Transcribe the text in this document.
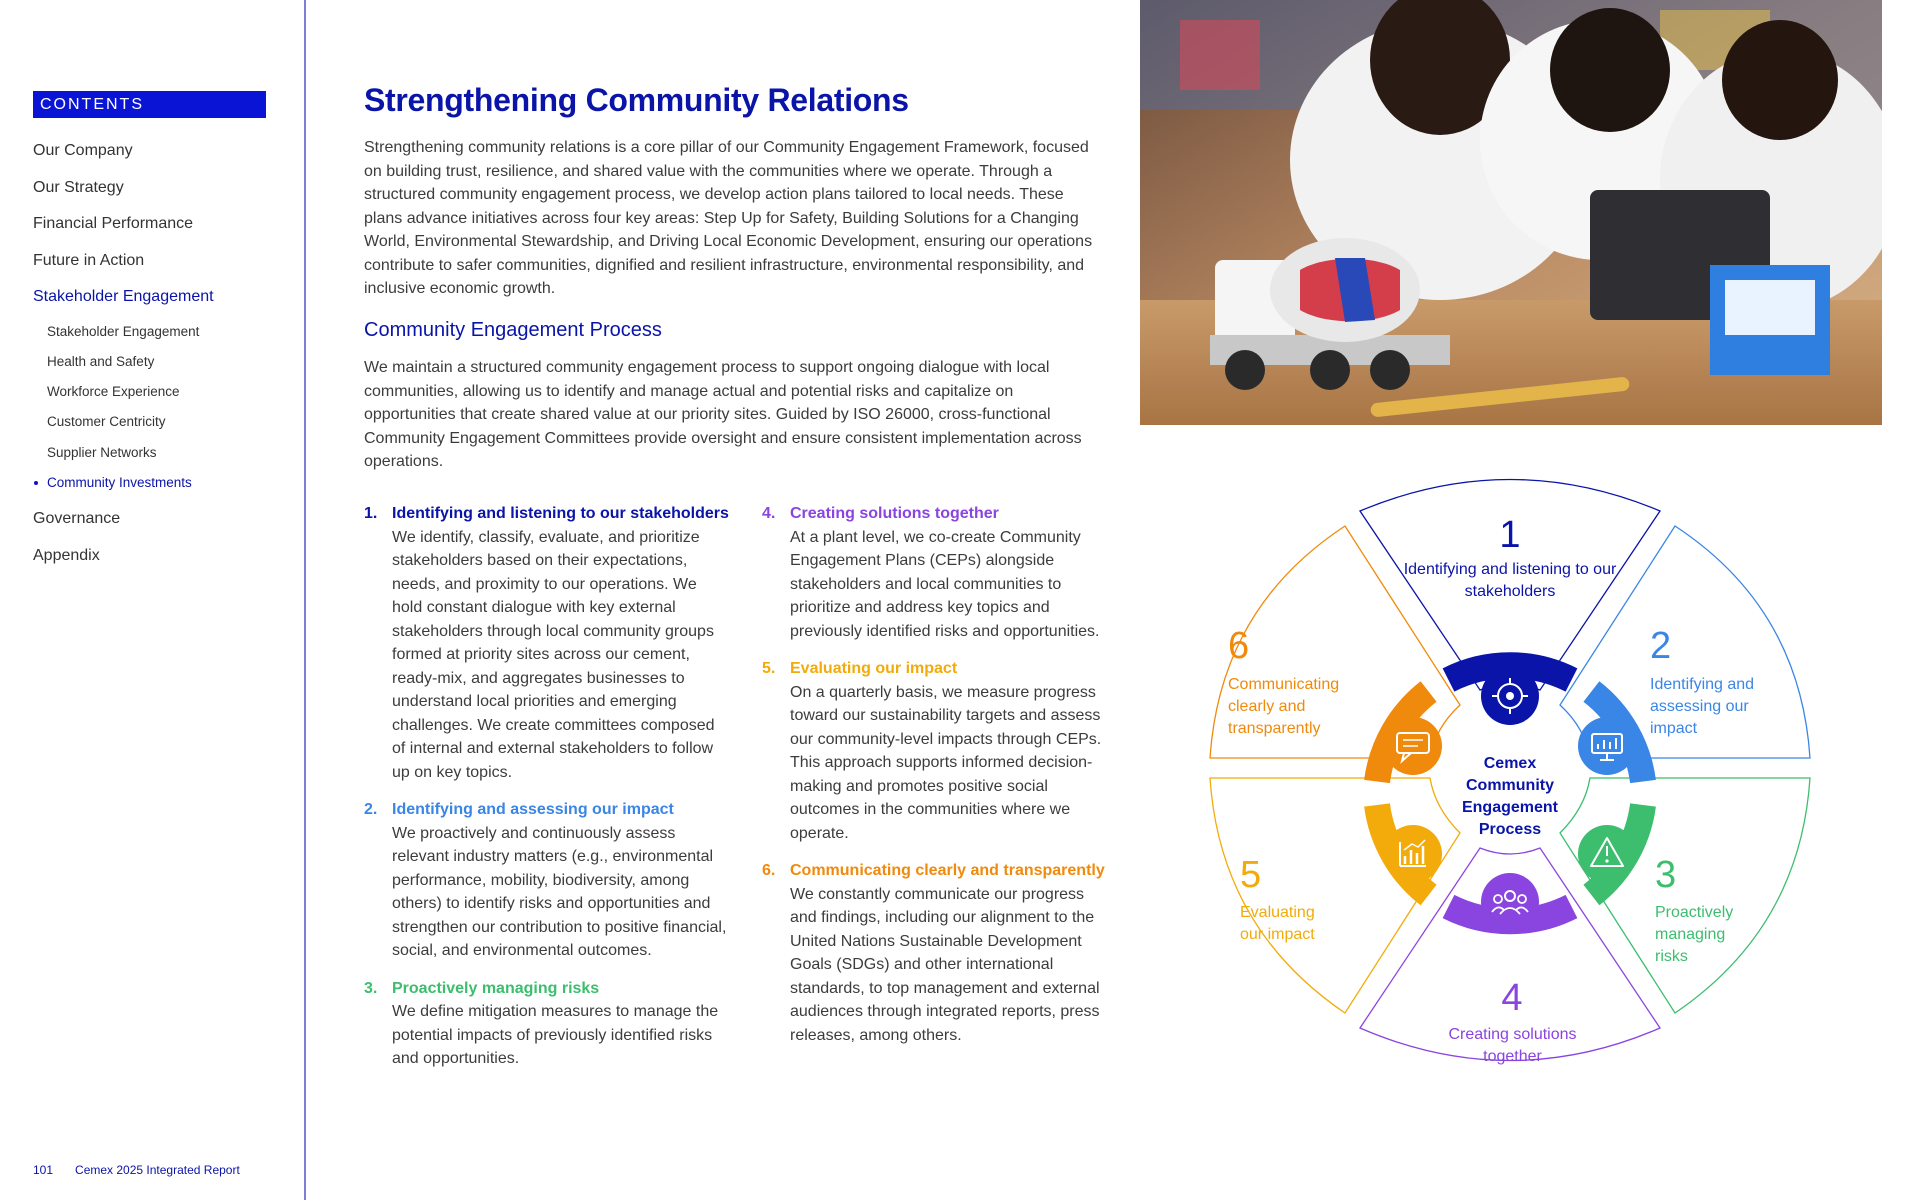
CONTENTS
Our Company
Our Strategy
Financial Performance
Future in Action
Stakeholder Engagement
Stakeholder Engagement
Health and Safety
Workforce Experience
Customer Centricity
Supplier Networks
Community Investments
Governance
Appendix
101 Cemex 2025 Integrated Report
Strengthening Community Relations

Strengthening community relations is a core pillar of our Community Engagement Framework, focused on building trust, resilience, and shared value with the communities where we operate. Through a structured community engagement process, we develop action plans tailored to local needs. These plans advance initiatives across four key areas: Step Up for Safety, Building Solutions for a Changing World, Environmental Stewardship, and Driving Local Economic Development, ensuring our operations contribute to safer communities, dignified and resilient infrastructure, environmental responsibility, and inclusive economic growth.

Community Engagement Process

We maintain a structured community engagement process to support ongoing dialogue with local communities, allowing us to identify and manage actual and potential risks and capitalize on opportunities that create shared value at our priority sites. Guided by ISO 26000, cross-functional Community Engagement Committees provide oversight and ensure consistent implementation across operations.

1. Identifying and listening to our stakeholders
We identify, classify, evaluate, and prioritize stakeholders based on their expectations, needs, and proximity to our operations. We hold constant dialogue with key external stakeholders through local community groups formed at priority sites across our cement, ready-mix, and aggregates businesses to understand local priorities and emerging challenges. We create committees composed of internal and external stakeholders to follow up on key topics.
2. Identifying and assessing our impact
We proactively and continuously assess relevant industry matters (e.g., environmental performance, mobility, biodiversity, among others) to identify risks and opportunities and strengthen our contribution to positive financial, social, and environmental outcomes.
3. Proactively managing risks
We define mitigation measures to manage the potential impacts of previously identified risks and opportunities.
4. Creating solutions together
At a plant level, we co-create Community Engagement Plans (CEPs) alongside stakeholders and local communities to prioritize and address key topics and previously identified risks and opportunities.
5. Evaluating our impact
On a quarterly basis, we measure progress toward our sustainability targets and assess our community-level impacts through CEPs. This approach supports informed decision-making and promotes positive social outcomes in the communities where we operate.
6. Communicating clearly and transparently
We constantly communicate our progress and findings, including our alignment to the United Nations Sustainable Development Goals (SDGs) and other international standards, to top management and external audiences through integrated reports, press releases, among others.
Cemex Community Engagement Process
1
Identifying and listening to our stakeholders
2
Identifying and assessing our impact
3
Proactively managing risks
4
Creating solutions together
5
Evaluating our impact
6
Communicating clearly and transparently
